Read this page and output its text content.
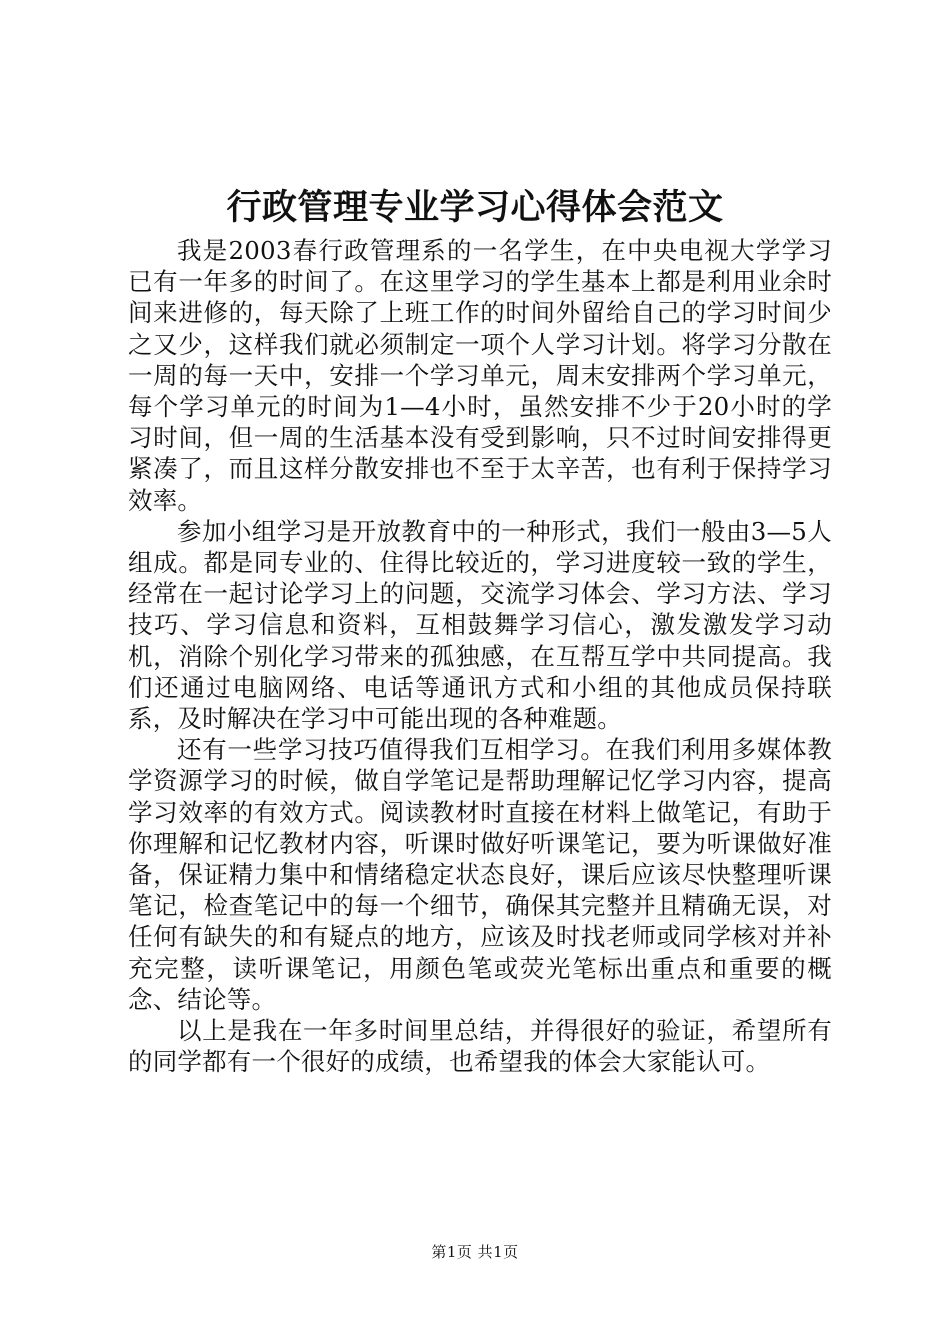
行政管理专业学习心得体会范文

我是2003春行政管理系的一名学生，在中央电视大学学习已有一年多的时间了。在这里学习的学生基本上都是利用业余时间来进修的，每天除了上班工作的时间外留给自己的学习时间少之又少，这样我们就必须制定一项个人学习计划。将学习分散在一周的每一天中，安排一个学习单元，周末安排两个学习单元，每个学习单元的时间为1—4小时，虽然安排不少于20小时的学习时间，但一周的生活基本没有受到影响，只不过时间安排得更紧凑了，而且这样分散安排也不至于太辛苦，也有利于保持学习效率。

参加小组学习是开放教育中的一种形式，我们一般由3—5人组成。都是同专业的、住得比较近的，学习进度较一致的学生，经常在一起讨论学习上的问题，交流学习体会、学习方法、学习技巧、学习信息和资料，互相鼓舞学习信心，激发激发学习动机，消除个别化学习带来的孤独感，在互帮互学中共同提高。我们还通过电脑网络、电话等通讯方式和小组的其他成员保持联系，及时解决在学习中可能出现的各种难题。

还有一些学习技巧值得我们互相学习。在我们利用多媒体教学资源学习的时候，做自学笔记是帮助理解记忆学习内容，提高学习效率的有效方式。阅读教材时直接在材料上做笔记，有助于你理解和记忆教材内容，听课时做好听课笔记，要为听课做好准备，保证精力集中和情绪稳定状态良好，课后应该尽快整理听课笔记，检查笔记中的每一个细节，确保其完整并且精确无误，对任何有缺失的和有疑点的地方，应该及时找老师或同学核对并补充完整，读听课笔记，用颜色笔或荧光笔标出重点和重要的概念、结论等。

以上是我在一年多时间里总结，并得很好的验证，希望所有的同学都有一个很好的成绩，也希望我的体会大家能认可。

第1页 共1页
